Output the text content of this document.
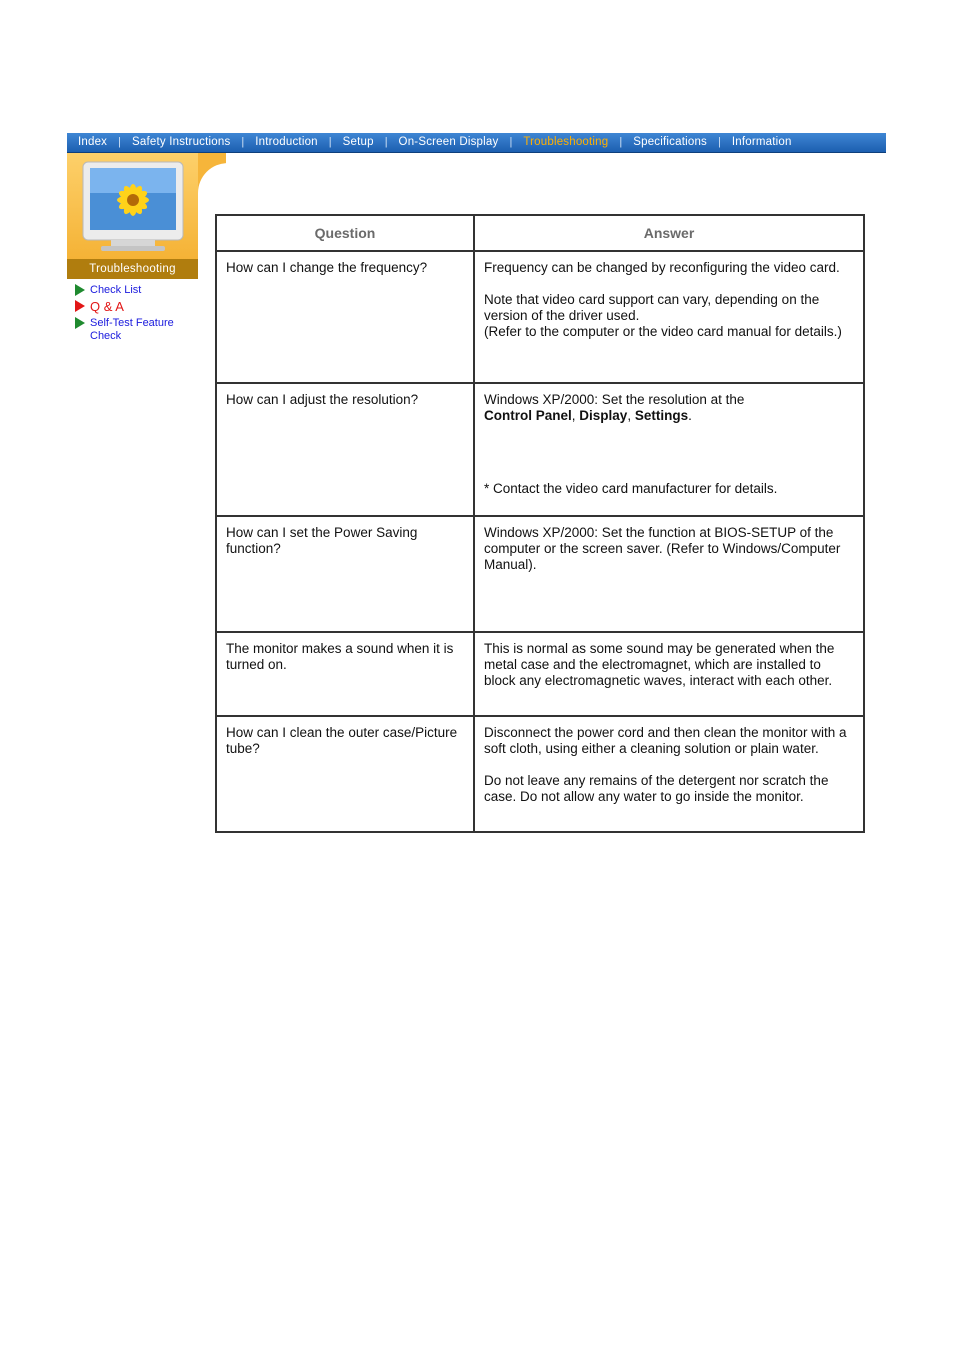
Index	| Safety Instructions	| Introduction	| Setup	| On-Screen Display	| Troubleshooting	| Specifications	| Information
Troubleshooting
Check List
Q & A
Self-Test Feature Check
Question	Answer

How can I change the frequency?	Frequency can be changed by reconfiguring the video card.

Note that video card support can vary, depending on the version of the driver used.

(Refer to the computer or the video card manual for details.)

How can I adjust the resolution?	Windows XP/2000: Set the resolution at the

Control Panel, Display, Settings.

* Contact the video card manufacturer for details.

How can I set the Power Saving function?	Windows XP/2000: Set the function at BIOS-SETUP of the computer or the screen saver. (Refer to Windows/Computer Manual).

The monitor makes a sound when it is turned on.	This is normal as some sound may be generated when the metal case and the electromagnet, which are installed to block any electromagnetic waves, interact with each other.

How can I clean the outer case/Picture tube?	Disconnect the power cord and then clean the monitor with a soft cloth, using either a cleaning solution or plain water.

Do not leave any remains of the detergent nor scratch the case. Do not allow any water to go inside the monitor.
